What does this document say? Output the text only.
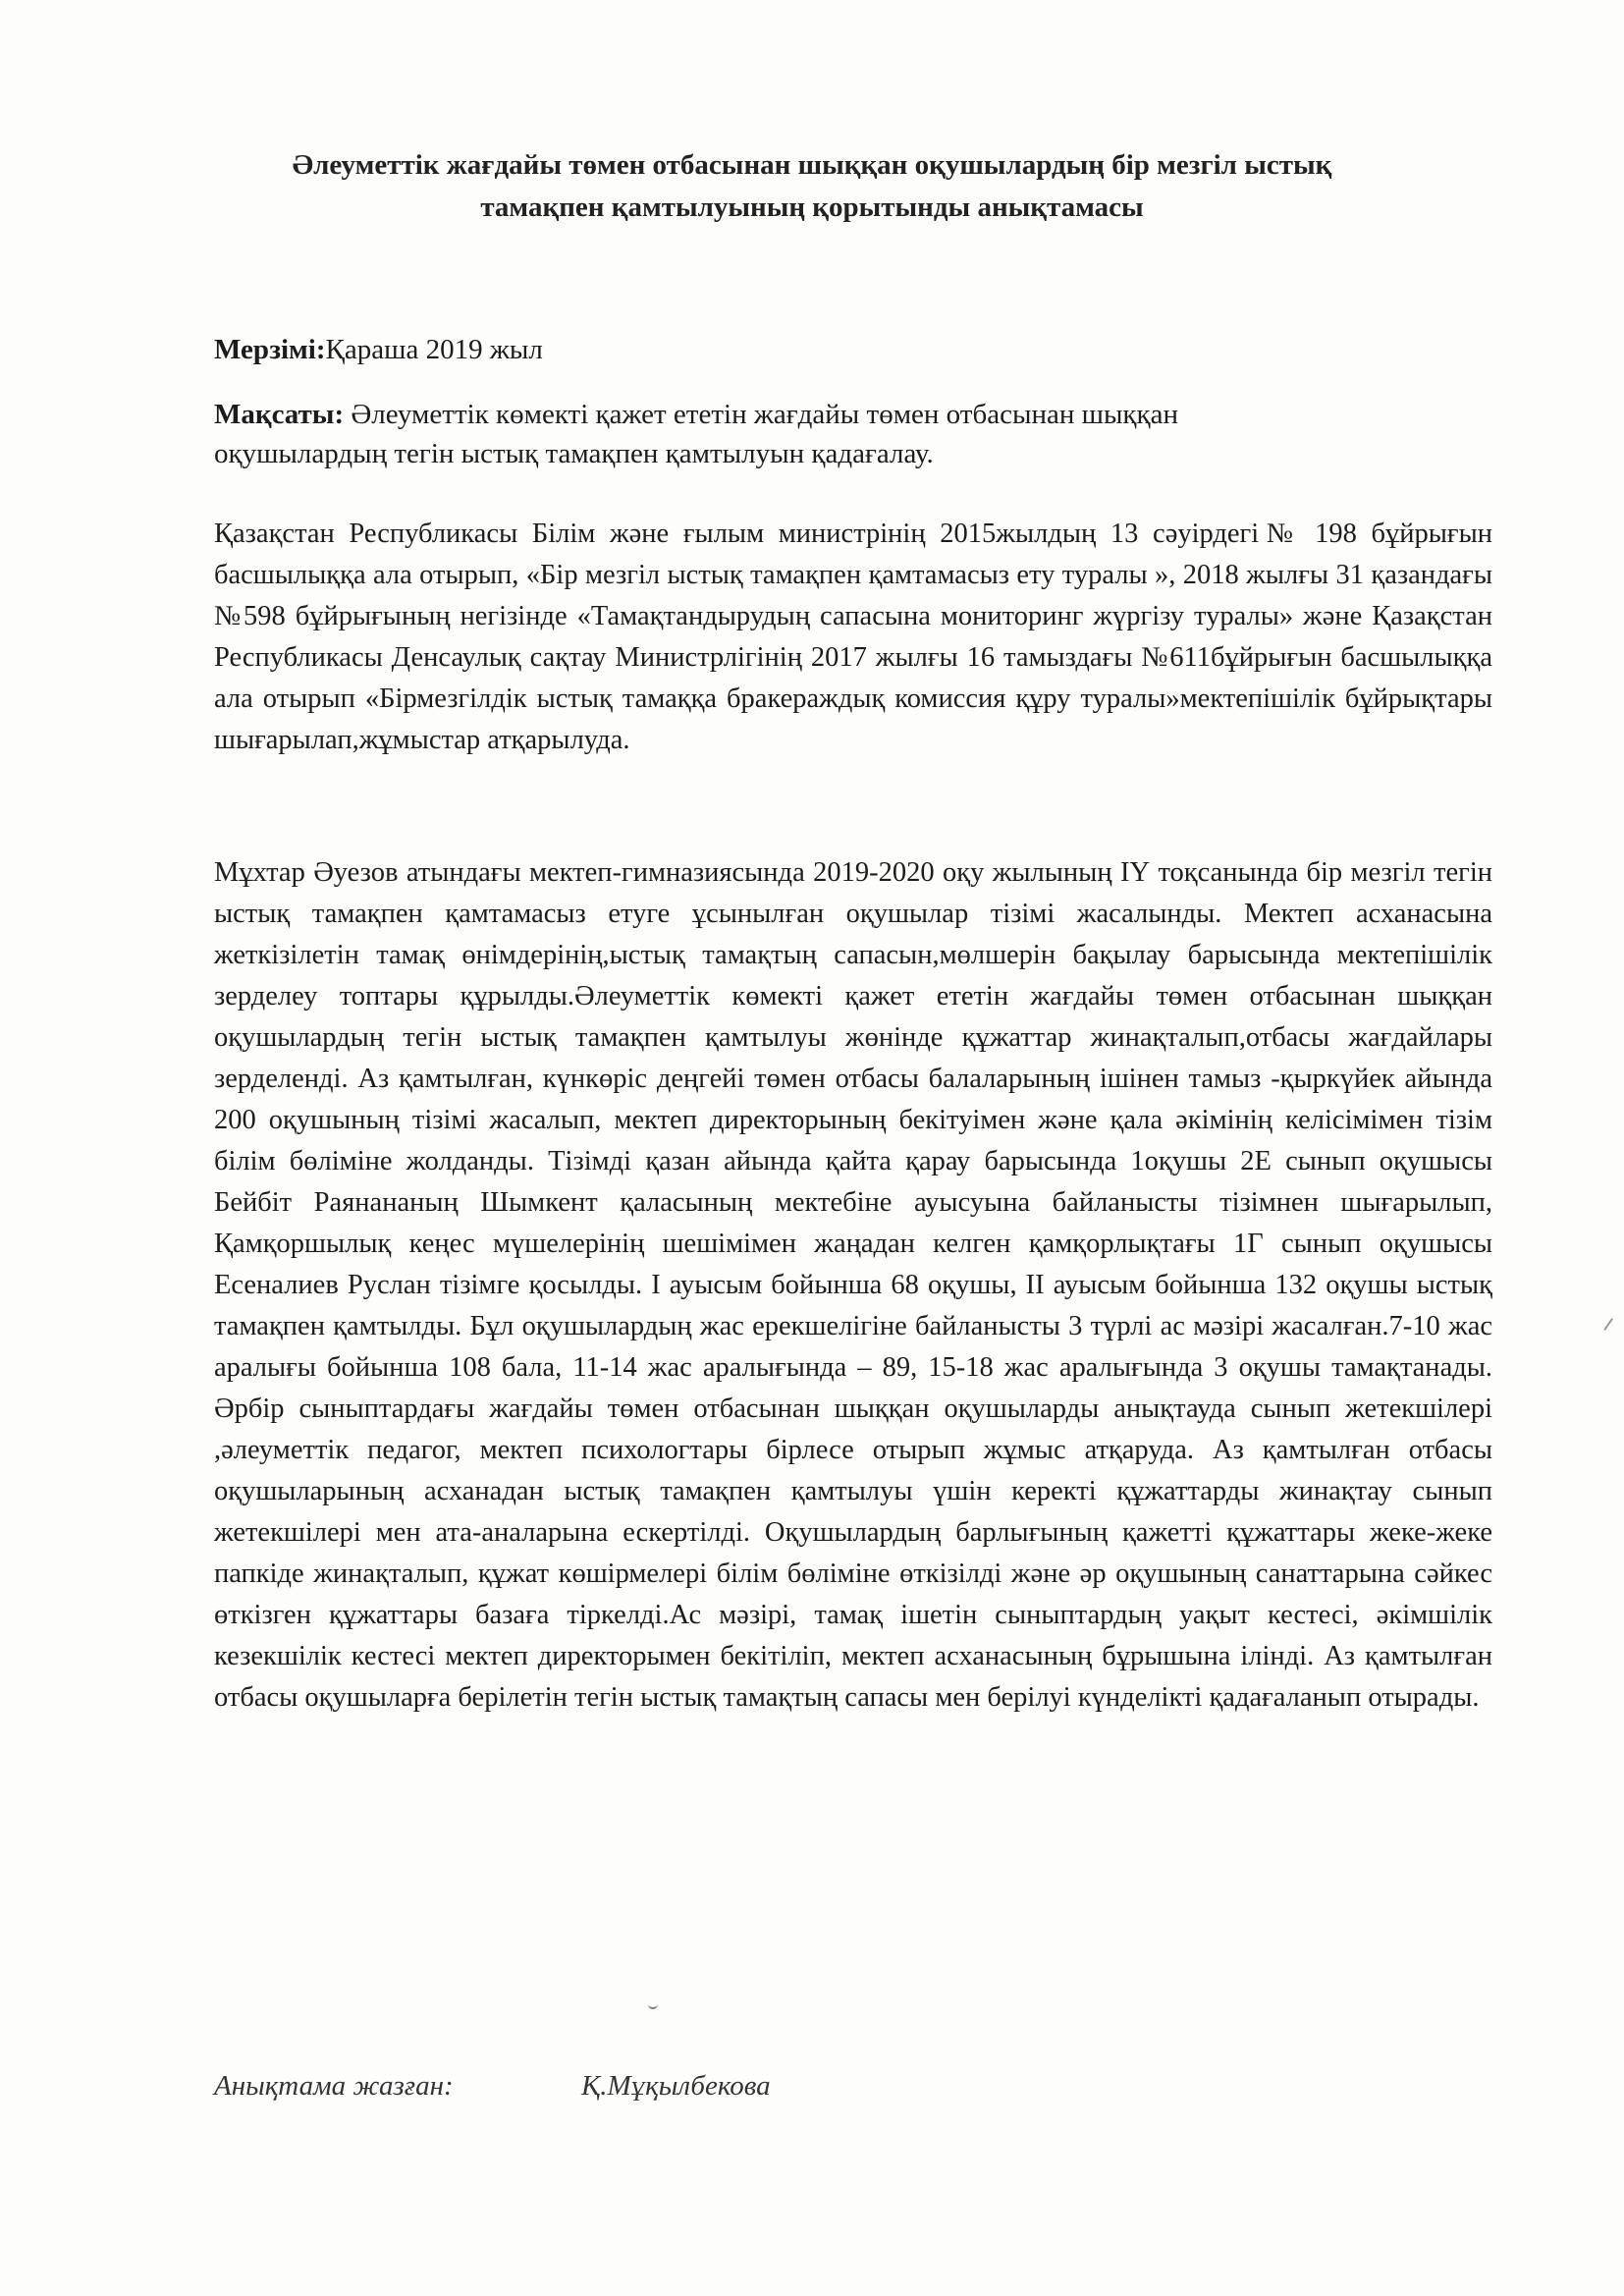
Әлеуметтік жағдайы төмен отбасынан шыққан оқушылардың бір мезгіл ыстық
тамақпен қамтылуының қорытынды анықтамасы
Мерзімі:Қараша 2019 жыл
Мақсаты: Әлеуметтік көмекті қажет ететін жағдайы төмен отбасынан шыққан
оқушылардың тегін ыстық тамақпен қамтылуын қадағалау.

Қазақстан Республикасы Білім және ғылым министрінің 2015жылдың 13 сәуірдегі№ 198 бұйрығын басшылыққа ала отырып, «Бір мезгіл ыстық тамақпен қамтамасыз ету туралы », 2018 жылғы 31 қазандағы №598 бұйрығының негізінде «Тамақтандырудың сапасына мониторинг жүргізу туралы» және Қазақстан Республикасы Денсаулық сақтау Министрлігінің 2017 жылғы 16 тамыздағы №611бұйрығын басшылыққа ала отырып «Бірмезгілдік ыстық тамаққа бракераждық комиссия құру туралы»мектепішілік бұйрықтары шығарылап,жұмыстар атқарылуда.

Мұхтар Әуезов атындағы мектеп-гимназиясында 2019-2020 оқу жылының ІҮ тоқсанында бір мезгіл тегін ыстық тамақпен қамтамасыз етуге ұсынылған оқушылар тізімі жасалынды. Мектеп асханасына жеткізілетін тамақ өнімдерінің,ыстық тамақтың сапасын,мөлшерін бақылау барысында мектепішілік зерделеу топтары құрылды.Әлеуметтік көмекті қажет ететін жағдайы төмен отбасынан шыққан оқушылардың тегін ыстық тамақпен қамтылуы жөнінде құжаттар жинақталып,отбасы жағдайлары зерделенді. Аз қамтылған, күнкөріс деңгейі төмен отбасы балаларының ішінен тамыз -қыркүйек айында 200 оқушының тізімі жасалып, мектеп директорының бекітуімен және қала әкімінің келісімімен тізім білім бөліміне жолданды. Тізімді қазан айында қайта қарау барысында 1оқушы 2Е сынып оқушысы Бейбіт Раянананың Шымкент қаласының мектебіне ауысуына байланысты тізімнен шығарылып, Қамқоршылық кеңес мүшелерінің шешімімен жаңадан келген қамқорлықтағы 1Г сынып оқушысы Есеналиев Руслан тізімге қосылды. І ауысым бойынша 68 оқушы, ІІ ауысым бойынша 132 оқушы ыстық тамақпен қамтылды. Бұл оқушылардың жас ерекшелігіне байланысты 3 түрлі ас мәзірі жасалған.7-10 жас аралығы бойынша 108 бала, 11-14 жас аралығында – 89, 15-18 жас аралығында 3 оқушы тамақтанады. Әрбір сыныптардағы жағдайы төмен отбасынан шыққан оқушыларды анықтауда сынып жетекшілері ,әлеуметтік педагог, мектеп психологтары бірлесе отырып жұмыс атқаруда. Аз қамтылған отбасы оқушыларының асханадан ыстық тамақпен қамтылуы үшін керекті құжаттарды жинақтау сынып жетекшілері мен ата-аналарына ескертілді. Оқушылардың барлығының қажетті құжаттары жеке-жеке папкіде жинақталып, құжат көшірмелері білім бөліміне өткізілді және әр оқушының санаттарына сәйкес өткізген құжаттары базаға тіркелді.Ас мәзірі, тамақ ішетін сыныптардың уақыт кестесі, әкімшілік кезекшілік кестесі мектеп директорымен бекітіліп, мектеп асханасының бұрышына ілінді. Аз қамтылған отбасы оқушыларға берілетін тегін ыстық тамақтың сапасы мен берілуі күнделікті қадағаланып отырады.

Анықтама жазған:	Қ.Мұқылбекова
